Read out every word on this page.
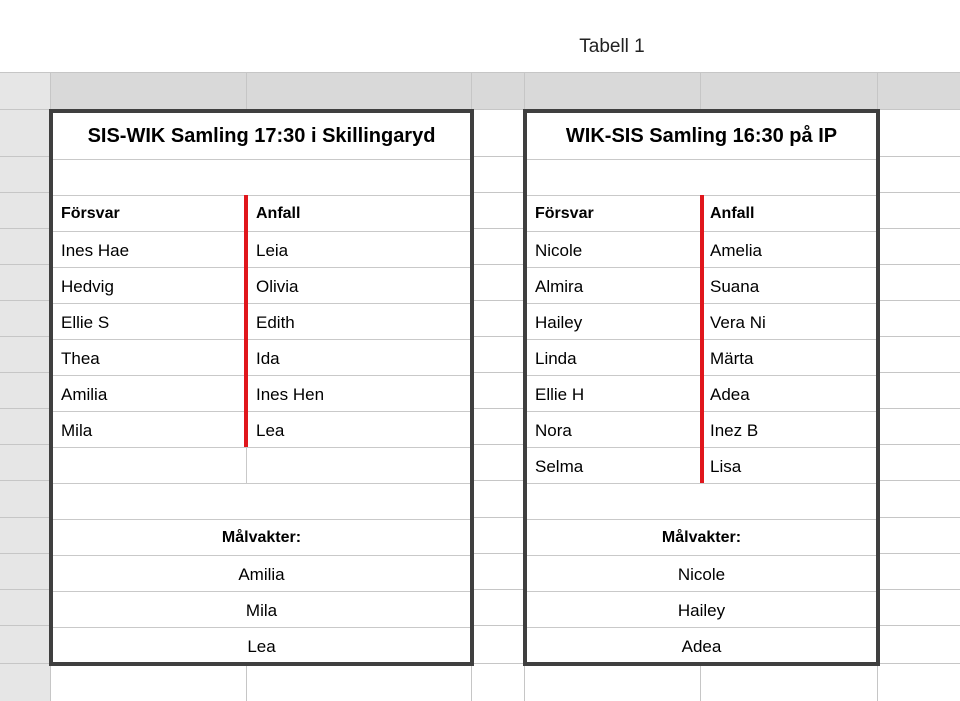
Tabell 1
SIS-WIK Samling 17:30 i Skillingaryd
Försvar	Anfall
Ines Hae	Leia
Hedvig	Olivia
Ellie S	Edith
Thea	Ida
Amilia	Ines Hen
Mila	Lea
Målvakter:
Amilia
Mila
Lea
WIK-SIS Samling 16:30 på IP
Försvar	Anfall
Nicole	Amelia
Almira	Suana
Hailey	Vera Ni
Linda	Märta
Ellie H	Adea
Nora	Inez B
Selma	Lisa
Målvakter:
Nicole
Hailey
Adea
